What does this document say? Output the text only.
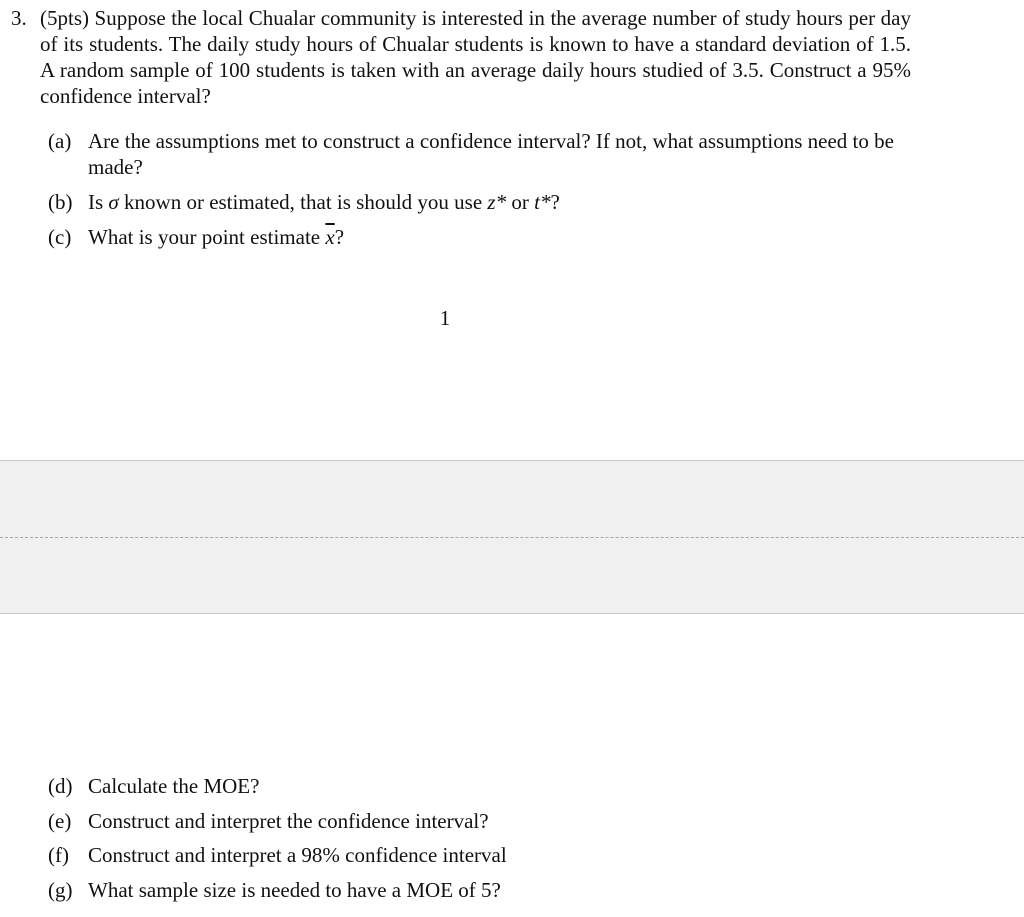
3. (5pts) Suppose the local Chualar community is interested in the average number of study hours per day of its students. The daily study hours of Chualar students is known to have a standard deviation of 1.5. A random sample of 100 students is taken with an average daily hours studied of 3.5. Construct a 95% confidence interval?
(a) Are the assumptions met to construct a confidence interval? If not, what assumptions need to be made?
(b) Is σ known or estimated, that is should you use z* or t*?
(c) What is your point estimate $\overline{x}$?
1
(d) Calculate the MOE?
(e) Construct and interpret the confidence interval?
(f) Construct and interpret a 98% confidence interval
(g) What sample size is needed to have a MOE of 5?
